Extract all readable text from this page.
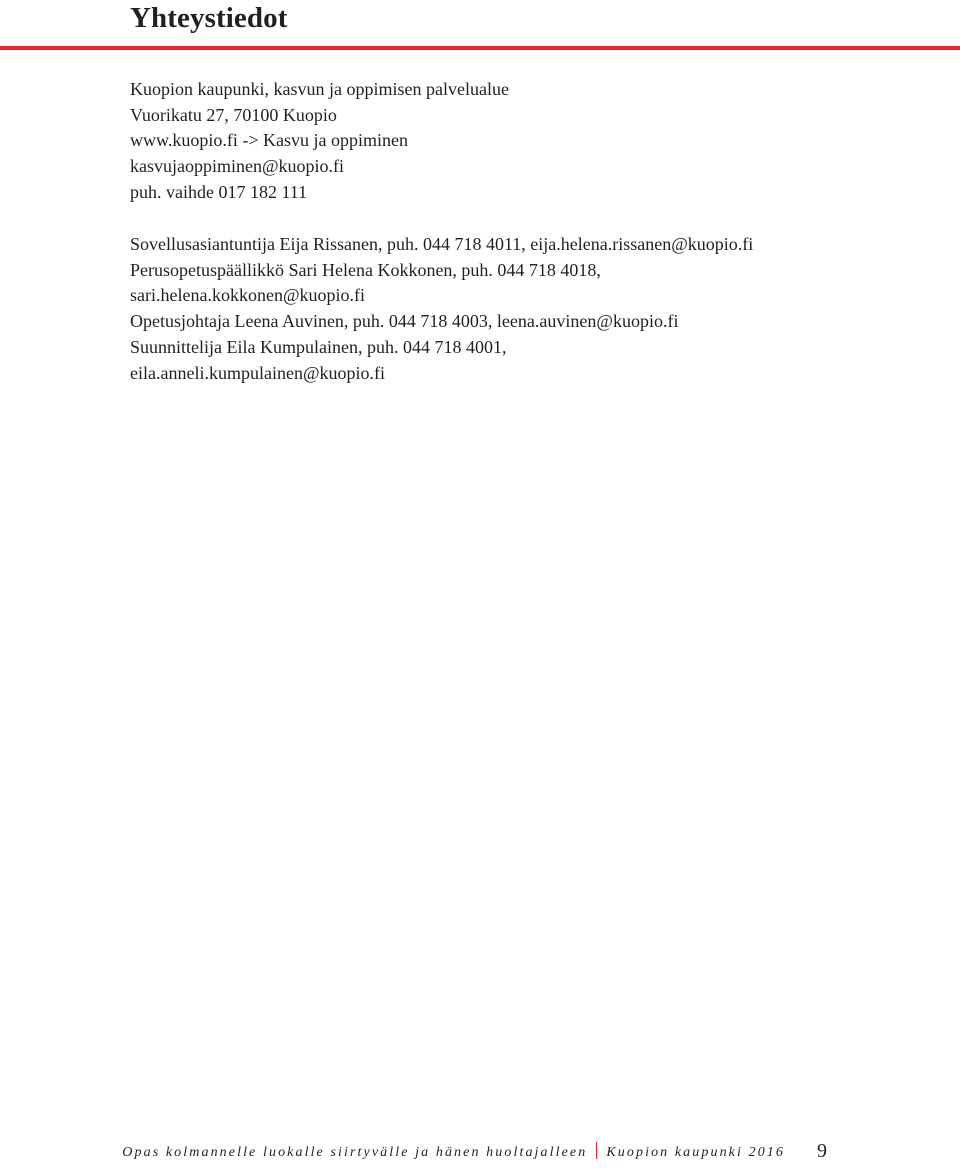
Yhteystiedot
Kuopion kaupunki, kasvun ja oppimisen palvelualue
Vuorikatu 27, 70100 Kuopio
www.kuopio.fi -> Kasvu ja oppiminen
kasvujaoppiminen@kuopio.fi
puh. vaihde 017 182 111
Sovellusasiantuntija Eija Rissanen, puh. 044 718 4011, eija.helena.rissanen@kuopio.fi
Perusopetuspäällikkö Sari Helena Kokkonen, puh. 044 718 4018,
sari.helena.kokkonen@kuopio.fi
Opetusjohtaja Leena Auvinen, puh. 044 718 4003, leena.auvinen@kuopio.fi
Suunnittelija Eila Kumpulainen, puh. 044 718 4001,
eila.anneli.kumpulainen@kuopio.fi
Opas kolmannelle luokalle siirtyvälle ja hänen huoltajalleen Kuopion kaupunki 2016 9
